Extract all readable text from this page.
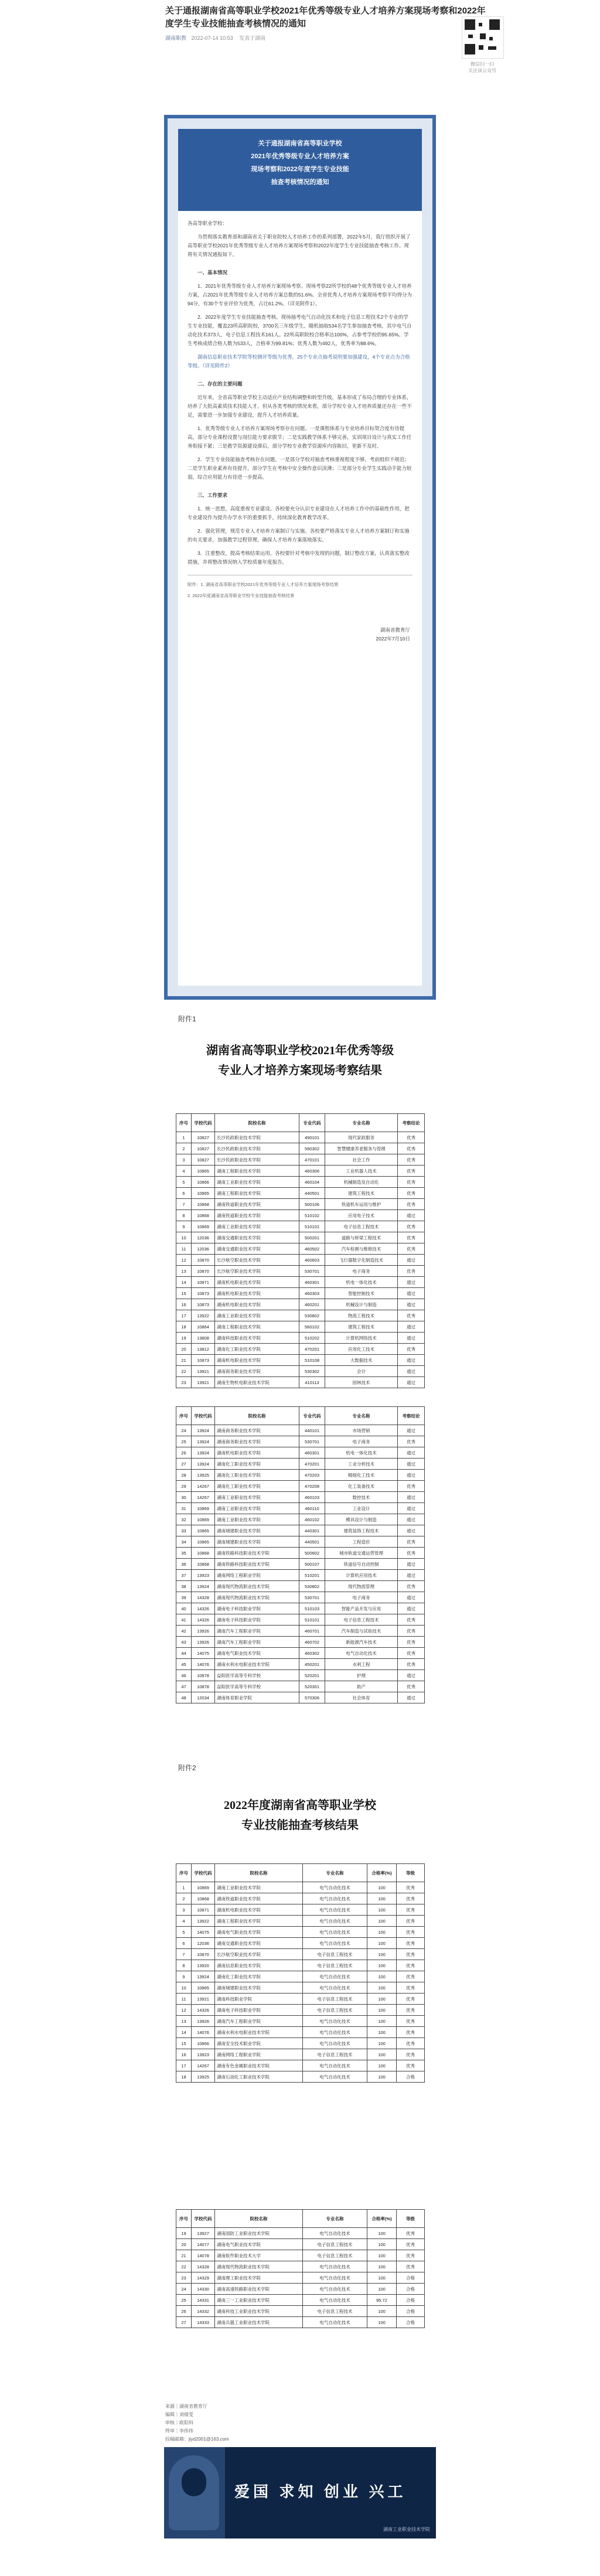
关于通报湖南省高等职业学校2021年优秀等级专业人才培养方案现场考察和2022年度学生专业技能抽查考核情况的通知
湖南职教 2022-07-14 10:53 发表于湖南
微信扫一扫
关注该公众号
关于通报湖南省高等职业学校
2021年优秀等级专业人才培养方案
现场考察和2022年度学生专业技能
抽查考核情况的通知

各高等职业学校：

为贯彻落实教育部和湖南省关于职业院校人才培养工作的系列部署，2022年5月，我厅组织开展了高等职业学校2021年优秀等级专业人才培养方案现场考察和2022年度学生专业技能抽查考核工作。现将有关情况通报如下。

一、基本情况

1．2021年优秀等级专业人才培养方案现场考察。现场考察22所学校的48个优秀等级专业人才培养方案，占2021年优秀等级专业人才培养方案总数的51.6%。全省优秀人才培养方案现场考察平均得分为94分，有30个专业评价为优秀，占比61.2%。（详见附件1）。

2．2022年度学生专业技能抽查考核。现场抽考电气自动化技术和电子信息工程技术2个专业的学生专业技能，覆盖23所高职院校，3700名三年级学生。随机抽取534名学生参加抽查考核，其中电气自动化技术373人，电子信息工程技术161人。22所高职院校合格率达100%，占参考学校的95.65%。学生考核成绩合格人数为533人，合格率为99.81%；优秀人数为492人，优秀率为88.6%。

湖南信息职业技术学院等校测评等级为优秀，25个专业点抽考说明要加强建设，4个专业点为合格等级。（详见附件2）

二、存在的主要问题

近年来，全省高等职业学校主动适应产业结构调整和转型升级，基本形成了布局合理的专业体系，培养了大批高素质技术技能人才。但从各类考核的情况来看，部分学校专业人才培养质量还存在一些不足，需要进一步加强专业建设，提升人才培养质量。

1．优秀等级专业人才培养方案现场考察存在问题。一是课程体系与专业培养目标契合度有待提高，部分专业课程设置与岗位能力要求脱节；二是实践教学体系不够完善，实训项目设计与真实工作任务衔接不紧；三是教学资源建设滞后，部分学校专业教学资源库内容陈旧，更新不及时。

2．学生专业技能抽查考核存在问题。一是部分学校对抽查考核重视程度不够，考前组织不规范；二是学生职业素养有待提升，部分学生在考核中安全操作意识淡薄；三是部分专业学生实践动手能力较弱，综合应用能力有待进一步提高。

三、工作要求

1．统一思想，高度重视专业建设。各校要充分认识专业建设在人才培养工作中的基础性作用，把专业建设作为提升办学水平的重要抓手，持续深化教育教学改革。

2．强化管理，规范专业人才培养方案制订与实施。各校要严格落实专业人才培养方案制订和实施的有关要求，加强教学过程管理，确保人才培养方案落地落实。

3．注重整改，提高考核结果运用。各校要针对考核中发现的问题，制订整改方案，认真落实整改措施，并将整改情况纳入学校质量年度报告。

附件：1. 湖南省高等职业学校2021年优秀等级专业人才培养方案现场考察结果

2. 2022年度湖南省高等职业学校专业技能抽查考核结果

湖南省教育厅
2022年7月10日
附件1
湖南省高等职业学校2021年优秀等级
专业人才培养方案现场考察结果
序号	学校代码	院校名称	专业代码	专业名称	考察结论
1	10827	长沙民政职业技术学院	490101	现代家政服务	优秀
2	10827	长沙民政职业技术学院	590302	智慧健康养老服务与管理	优秀
3	10827	长沙民政职业技术学院	470101	社会工作	优秀
4	10865	湖南工程职业技术学院	460306	工业机器人技术	优秀
5	10866	湖南工业职业技术学院	460104	机械制造及自动化	优秀
6	10865	湖南工程职业技术学院	440501	建筑工程技术	优秀
7	10868	湖南铁道职业技术学院	500106	铁道机车运用与维护	优秀
8	10868	湖南铁道职业技术学院	510102	应用电子技术	通过
9	10869	湖南工业职业技术学院	510101	电子信息工程技术	优秀
10	12036	湖南交通职业技术学院	500201	道路与桥梁工程技术	优秀
11	12036	湖南交通职业技术学院	460502	汽车检测与维修技术	优秀
12	10870	长沙航空职业技术学院	460603	飞行器数字化制造技术	通过
13	10870	长沙航空职业技术学院	530701	电子商务	优秀
14	10871	湖南机电职业技术学院	460301	机电一体化技术	通过
15	10873	湖南机电职业技术学院	460303	智能控制技术	通过
16	10873	湖南机电职业技术学院	460201	机械设计与制造	通过
17	13922	湖南工业职业技术学院	530802	物流工程技术	优秀
18	10864	湖南工程职业技术学院	560102	建筑工程技术	通过
19	13808	湖南科技职业技术学院	510202	计算机网络技术	通过
20	13812	湖南化工职业技术学院	470201	应用化工技术	优秀
21	10873	湖南机电职业技术学院	510108	大数据技术	通过
22	13921	湖南商务职业技术学院	530302	会计	通过
23	13921	湖南生物机电职业技术学院	410113	园林技术	通过
序号	学校代码	院校名称	专业代码	专业名称	考察结论
24	13924	湖南商务职业技术学院	440101	市场营销	通过
25	13924	湖南商务职业技术学院	530701	电子商务	优秀
26	13924	湖南机电职业技术学院	460301	机电一体化技术	通过
27	13924	湖南化工职业技术学院	470201	工业分析技术	通过
28	13925	湖南化工职业技术学院	470203	精细化工技术	通过
29	14267	湖南化工职业技术学院	470208	化工装备技术	优秀
30	14267	湖南工业职业技术学院	460103	数控技术	通过
31	10869	湖南工业职业技术学院	460110	工业设计	通过
32	10869	湖南工业职业技术学院	460102	模具设计与制造	通过
33	10865	湖南城建职业技术学院	440301	建筑装饰工程技术	通过
34	10865	湖南城建职业技术学院	440501	工程造价	优秀
35	10868	湖南铁路科技职业技术学院	500602	城市轨道交通运营管理	优秀
36	10868	湖南铁路科技职业技术学院	500107	铁道信号自动控制	通过
37	13923	湖南网络工程职业学院	510201	计算机应用技术	通过
38	13924	湖南现代物流职业技术学院	530802	现代物流管理	优秀
39	14328	湖南现代物流职业技术学院	530701	电子商务	通过
40	14326	湖南电子科技职业学院	510103	智能产品开发与应用	通过
41	14326	湖南电子科技职业学院	510101	电子信息工程技术	优秀
42	13926	湖南汽车工程职业学院	460701	汽车制造与试验技术	优秀
43	13926	湖南汽车工程职业学院	460702	新能源汽车技术	优秀
44	14075	湖南电气职业技术学院	460302	电气自动化技术	优秀
45	14076	湖南水利水电职业技术学院	450201	水利工程	优秀
46	10878	益阳医学高等专科学校	520201	护理	通过
47	10878	益阳医学高等专科学校	520301	助产	优秀
48	12034	湖南体育职业学院	570306	社会体育	通过
附件2
2022年度湖南省高等职业学校
专业技能抽查考核结果
序号	学校代码	院校名称	专业名称	合格率(%)	等级
1	10869	湖南工业职业技术学院	电气自动化技术	100	优秀
2	10868	湖南铁道职业技术学院	电气自动化技术	100	优秀
3	10871	湖南机电职业技术学院	电气自动化技术	100	优秀
4	13922	湖南工程职业技术学院	电气自动化技术	100	优秀
5	14075	湖南电气职业技术学院	电气自动化技术	100	优秀
6	12036	湖南交通职业技术学院	电气自动化技术	100	优秀
7	10870	长沙航空职业技术学院	电子信息工程技术	100	优秀
8	13920	湖南信息职业技术学院	电子信息工程技术	100	优秀
9	13924	湖南化工职业技术学院	电气自动化技术	100	优秀
10	10865	湖南城建职业技术学院	电气自动化技术	100	优秀
11	13921	湖南科技职业学院	电子信息工程技术	100	优秀
12	14326	湖南电子科技职业学院	电子信息工程技术	100	优秀
13	13926	湖南汽车工程职业学院	电气自动化技术	100	优秀
14	14076	湖南水利水电职业技术学院	电气自动化技术	100	优秀
15	10866	湖南安全技术职业学院	电气自动化技术	100	优秀
16	13923	湖南网络工程职业学院	电子信息工程技术	100	优秀
17	14267	湖南有色金属职业技术学院	电气自动化技术	100	优秀
18	13925	湖南石油化工职业技术学院	电气自动化技术	100	合格
序号	学校代码	院校名称	专业名称	合格率(%)	等级
19	13927	湖南国防工业职业技术学院	电气自动化技术	100	优秀
20	14077	湖南电气职业技术学院	电子信息工程技术	100	优秀
21	14078	湖南软件职业技术大学	电子信息工程技术	100	优秀
22	14328	湖南现代物流职业技术学院	电气自动化技术	100	优秀
23	14329	湖南理工职业技术学院	电气自动化技术	100	合格
24	14330	湖南高速铁路职业技术学院	电气自动化技术	100	合格
25	14331	湖南三一工业职业技术学院	电气自动化技术	95.72	合格
26	14332	湖南科技工业职业技术学院	电子信息工程技术	100	合格
27	14333	湖南兵器工业职业技术学院	电气自动化技术	100	合格
来源｜湖南省教育厅
编辑｜刘倩雯
审核｜欧阳科
终审｜李伟伟
投稿邮箱：jiyd2001@163.com
爱国 求知 创业 兴工
湖南工业职业技术学院
